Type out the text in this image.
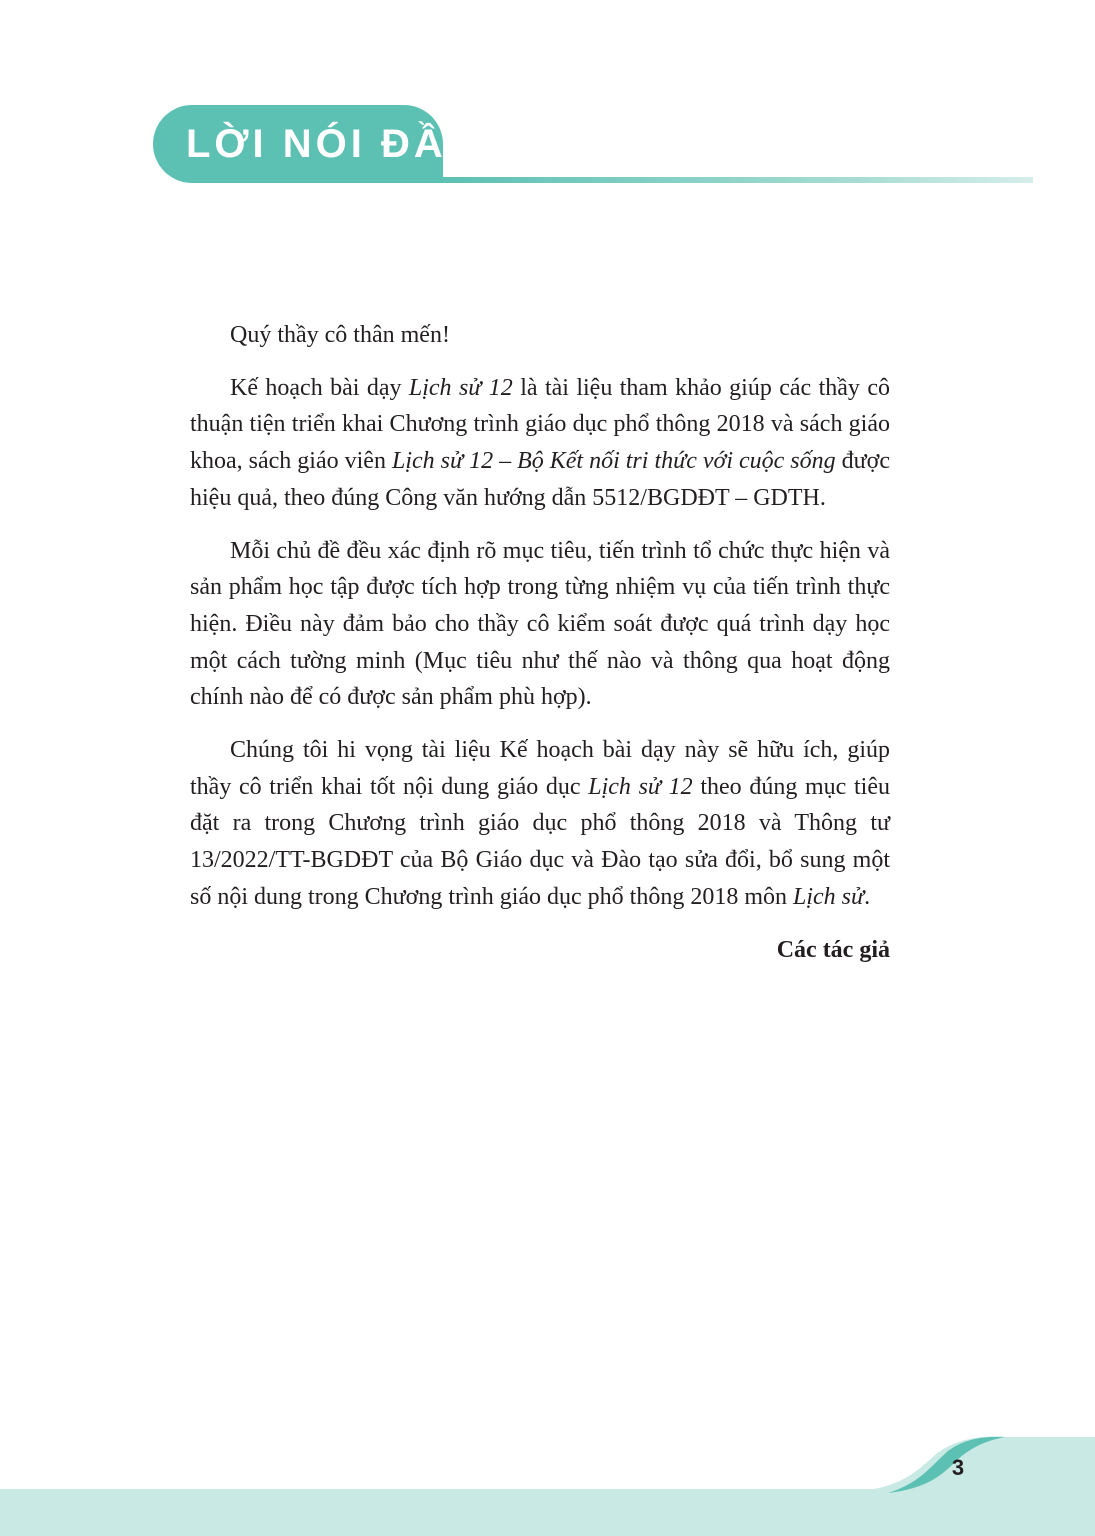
LỜI NÓI ĐẦU

Quý thầy cô thân mến!

Kế hoạch bài dạy Lịch sử 12 là tài liệu tham khảo giúp các thầy cô thuận tiện triển khai Chương trình giáo dục phổ thông 2018 và sách giáo khoa, sách giáo viên Lịch sử 12 – Bộ Kết nối tri thức với cuộc sống được hiệu quả, theo đúng Công văn hướng dẫn 5512/BGDĐT – GDTH.

Mỗi chủ đề đều xác định rõ mục tiêu, tiến trình tổ chức thực hiện và sản phẩm học tập được tích hợp trong từng nhiệm vụ của tiến trình thực hiện. Điều này đảm bảo cho thầy cô kiểm soát được quá trình dạy học một cách tường minh (Mục tiêu như thế nào và thông qua hoạt động chính nào để có được sản phẩm phù hợp).

Chúng tôi hi vọng tài liệu Kế hoạch bài dạy này sẽ hữu ích, giúp thầy cô triển khai tốt nội dung giáo dục Lịch sử 12 theo đúng mục tiêu đặt ra trong Chương trình giáo dục phổ thông 2018 và Thông tư 13/2022/TT-BGDĐT của Bộ Giáo dục và Đào tạo sửa đổi, bổ sung một số nội dung trong Chương trình giáo dục phổ thông 2018 môn Lịch sử.

Các tác giả

3
